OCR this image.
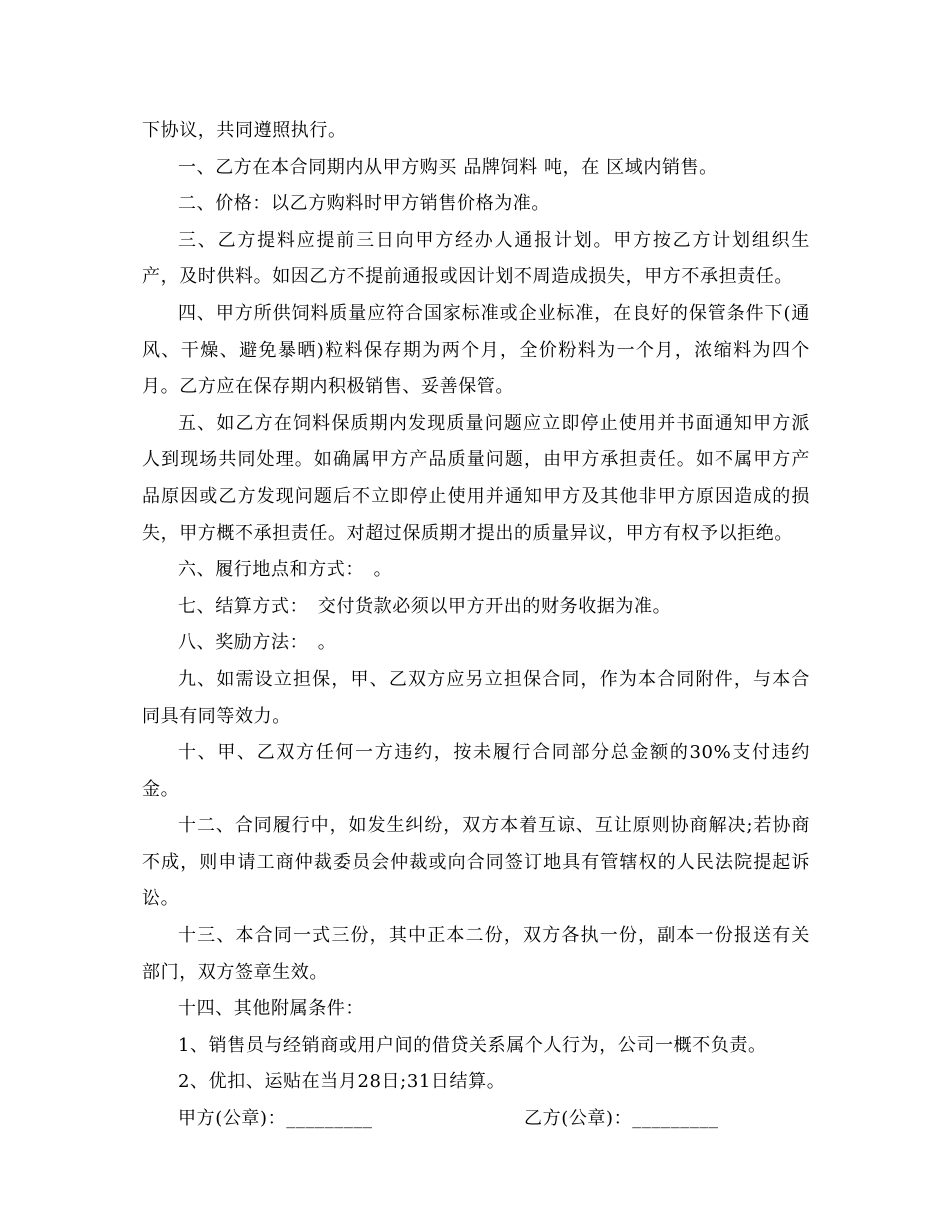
下协议，共同遵照执行。

一、乙方在本合同期内从甲方购买 品牌饲料 吨，在 区域内销售。

二、价格：以乙方购料时甲方销售价格为准。

三、乙方提料应提前三日向甲方经办人通报计划。甲方按乙方计划组织生产，及时供料。如因乙方不提前通报或因计划不周造成损失，甲方不承担责任。

四、甲方所供饲料质量应符合国家标准或企业标准，在良好的保管条件下(通风、干燥、避免暴晒)粒料保存期为两个月，全价粉料为一个月，浓缩料为四个月。乙方应在保存期内积极销售、妥善保管。

五、如乙方在饲料保质期内发现质量问题应立即停止使用并书面通知甲方派人到现场共同处理。如确属甲方产品质量问题，由甲方承担责任。如不属甲方产品原因或乙方发现问题后不立即停止使用并通知甲方及其他非甲方原因造成的损失，甲方概不承担责任。对超过保质期才提出的质量异议，甲方有权予以拒绝。

六、履行地点和方式：　。

七、结算方式：　交付货款必须以甲方开出的财务收据为准。

八、奖励方法：　。

九、如需设立担保，甲、乙双方应另立担保合同，作为本合同附件，与本合同具有同等效力。

十、甲、乙双方任何一方违约，按未履行合同部分总金额的30%支付违约金。

十二、合同履行中，如发生纠纷，双方本着互谅、互让原则协商解决;若协商不成，则申请工商仲裁委员会仲裁或向合同签订地具有管辖权的人民法院提起诉讼。

十三、本合同一式三份，其中正本二份，双方各执一份，副本一份报送有关部门，双方签章生效。

十四、其他附属条件：

1、销售员与经销商或用户间的借贷关系属个人行为，公司一概不负责。

2、优扣、运贴在当月28日;31日结算。

甲方(公章)：_________	乙方(公章)：_________
